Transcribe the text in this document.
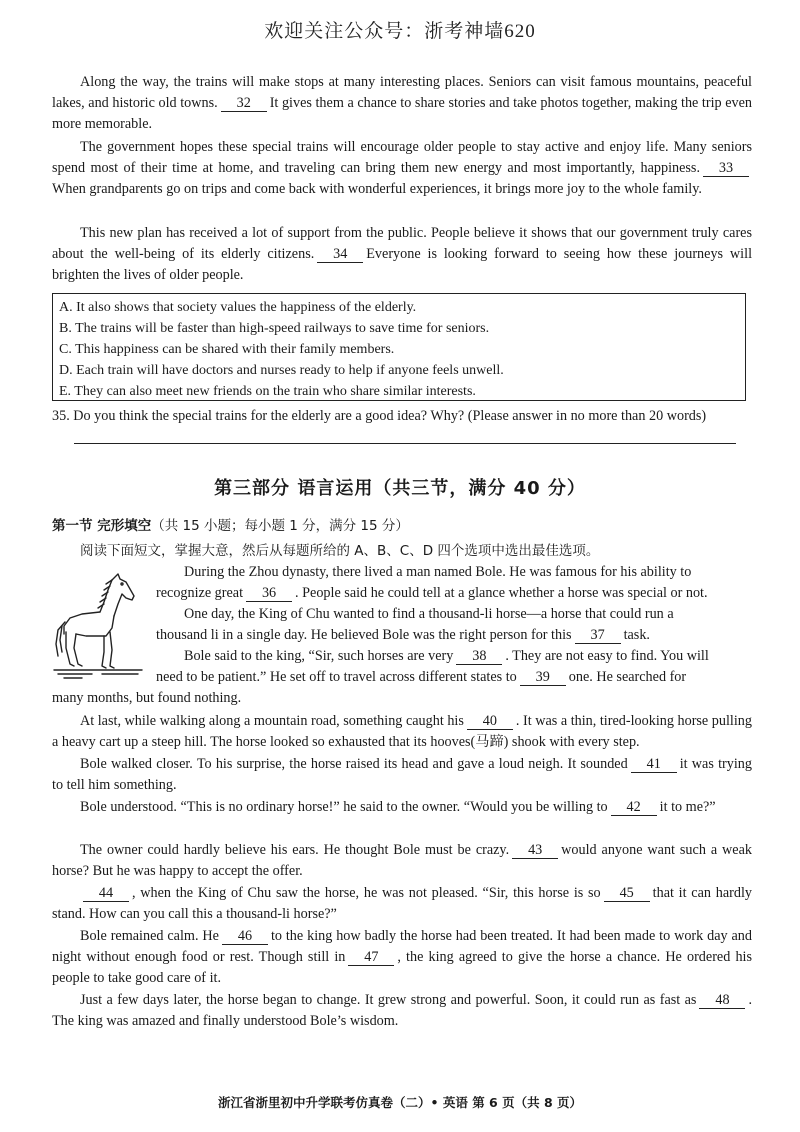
欢迎关注公众号：浙考神墙620
Along the way, the trains will make stops at many interesting places. Seniors can visit famous mountains, peaceful lakes, and historic old towns. 32 It gives them a chance to share stories and take photos together, making the trip even more memorable.
The government hopes these special trains will encourage older people to stay active and enjoy life. Many seniors spend most of their time at home, and traveling can bring them new energy and most importantly, happiness. 33When grandparents go on trips and come back with wonderful experiences, it brings more joy to the whole family.
This new plan has received a lot of support from the public. People believe it shows that our government truly cares about the well-being of its elderly citizens. 34 Everyone is looking forward to seeing how these journeys will brighten the lives of older people.
A. It also shows that society values the happiness of the elderly.
B. The trains will be faster than high-speed railways to save time for seniors.
C. This happiness can be shared with their family members.
D. Each train will have doctors and nurses ready to help if anyone feels unwell.
E. They can also meet new friends on the train who share similar interests.
35. Do you think the special trains for the elderly are a good idea? Why? (Please answer in no more than 20 words)
第三部分 语言运用（共三节，满分 40 分）
第一节 完形填空（共 15 小题；每小题 1 分，满分 15 分）
阅读下面短文，掌握大意，然后从每题所给的 A、B、C、D 四个选项中选出最佳选项。
During the Zhou dynasty, there lived a man named Bole. He was famous for his ability to
recognize great 36 . People said he could tell at a glance whether a horse was special or not.
One day, the King of Chu wanted to find a thousand-li horse—a horse that could run a
thousand li in a single day. He believed Bole was the right person for this 37 task.
Bole said to the king, “Sir, such horses are very 38 . They are not easy to find. You will
need to be patient.” He set off to travel across different states to 39 one. He searched for
many months, but found nothing.
At last, while walking along a mountain road, something caught his 40 . It was a thin, tired-looking horse pulling a heavy cart up a steep hill. The horse looked so exhausted that its hooves(马蹄) shook with every step.
Bole walked closer. To his surprise, the horse raised its head and gave a loud neigh. It sounded 41 it was trying to tell him something.
Bole understood. “This is no ordinary horse!” he said to the owner. “Would you be willing to 42 it to me?”
The owner could hardly believe his ears. He thought Bole must be crazy. 43 would anyone want such a weak horse? But he was happy to accept the offer.
44 , when the King of Chu saw the horse, he was not pleased. “Sir, this horse is so 45 that it can hardly stand. How can you call this a thousand-li horse?”
Bole remained calm. He 46 to the king how badly the horse had been treated. It had been made to work day and night without enough food or rest. Though still in 47 , the king agreed to give the horse a chance. He ordered his people to take good care of it.
Just a few days later, the horse began to change. It grew strong and powerful. Soon, it could run as fast as 48 . The king was amazed and finally understood Bole’s wisdom.
浙江省浙里初中升学联考仿真卷（二）• 英语 第 6 页（共 8 页）
